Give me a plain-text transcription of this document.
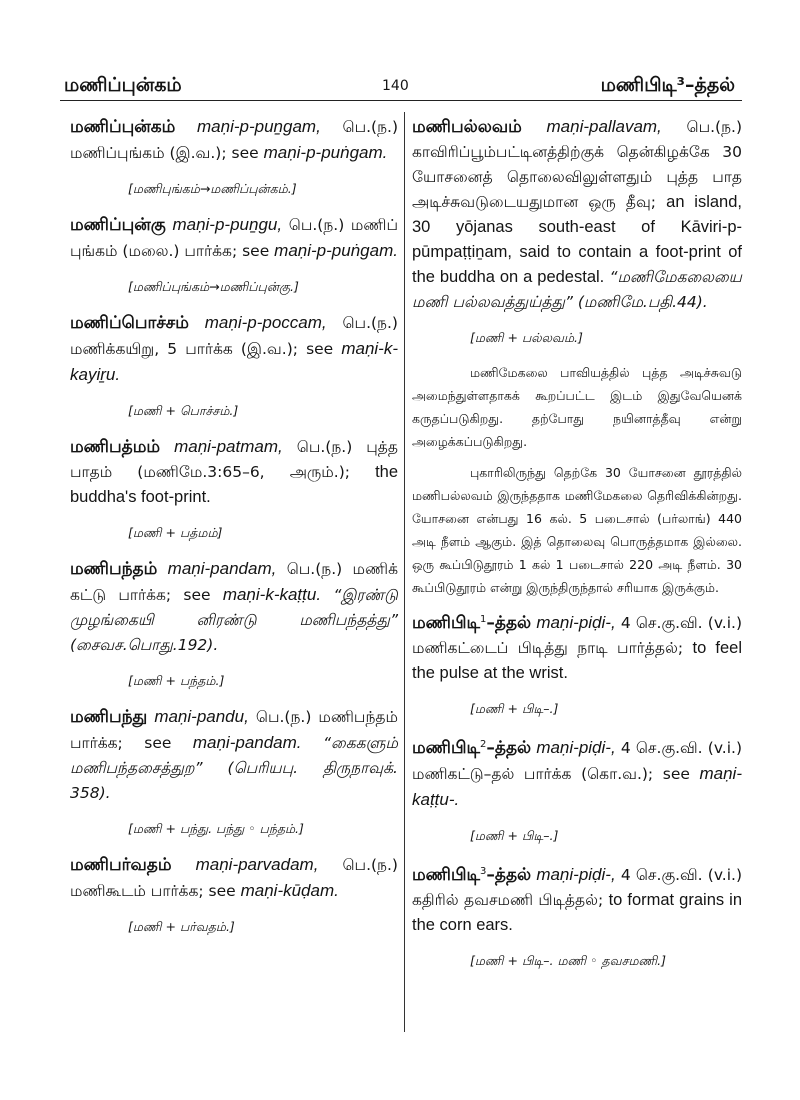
மணிப்புன்கம்	140	மணிபிடி³–த்தல்

மணிப்புன்கம் maṇi-p-puṉgam, பெ.(ந.) மணிப்புங்கம் (இ.வ.); see maṇi-p-puṅgam.

[மணிபுங்கம்→மணிப்புன்கம்.]

மணிப்புன்கு maṇi-p-puṉgu, பெ.(ந.) மணிப் புங்கம் (மலை.) பார்க்க; see maṇi-p-puṅgam.

[மணிப்புங்கம்→மணிப்புன்கு.]

மணிப்பொச்சம் maṇi-p-poccam, பெ.(ந.) மணிக்கயிறு, 5 பார்க்க (இ.வ.); see maṇi-k-kayiṟu.

[மணி + பொச்சம்.]

மணிபத்மம் maṇi-patmam, பெ.(ந.) புத்த பாதம் (மணிமே.3:65–6, அரும்.); the buddha's foot-print.

[மணி + பத்மம்]

மணிபந்தம் maṇi-pandam, பெ.(ந.) மணிக் கட்டு பார்க்க; see maṇi-k-kaṭṭu. “இரண்டு முழங்கையி னிரண்டு மணிபந்தத்து” (சைவச.பொது.192).

[மணி + பந்தம்.]

மணிபந்து maṇi-pandu, பெ.(ந.) மணிபந்தம் பார்க்க; see maṇi-pandam. “கைகளும் மணிபந்தசைத்துற” (பெரியபு. திருநாவுக். 358).

[மணி + பந்து. பந்து ◦ பந்தம்.]

மணிபர்வதம் maṇi-parvadam, பெ.(ந.) மணிகூடம் பார்க்க; see maṇi-kūḍam.

[மணி + பர்வதம்.]

மணிபல்லவம் maṇi-pallavam, பெ.(ந.) காவிரிப்பூம்பட்டினத்திற்குக் தென்கிழக்கே 30 யோசனைத் தொலைவிலுள்ளதும் புத்த பாத அடிச்சுவடுடையதுமான ஒரு தீவு; an island, 30 yōjanas south-east of Kāviri-p-pūmpaṭṭiṉam, said to contain a foot-print of the buddha on a pedestal. “மணிமேகலையை மணி பல்லவத்துய்த்து” (மணிமே.பதி.44).

[மணி + பல்லவம்.]

மணிமேகலை பாவியத்தில் புத்த அடிச்சுவடு அமைந்துள்ளதாகக் கூறப்பட்ட இடம் இதுவேயெனக் கருதப்படுகிறது. தற்போது நயினாத்தீவு என்று அழைக்கப்படுகிறது.

புகாரிலிருந்து தெற்கே 30 யோசனை தூரத்தில் மணிபல்லவம் இருந்ததாக மணிமேகலை தெரிவிக்கின்றது. யோசனை என்பது 16 கல். 5 படைசால் (பர்லாங்) 440 அடி நீளம் ஆகும். இத் தொலைவு பொருத்தமாக இல்லை. ஒரு கூப்பிடுதூரம் 1 கல் 1 படைசால் 220 அடி நீளம். 30 கூப்பிடுதூரம் என்று இருந்திருந்தால் சரியாக இருக்கும்.

மணிபிடி$^1$–த்தல் maṇi-piḍi-, 4 செ.கு.வி. (v.i.) மணிகட்டைப் பிடித்து நாடி பார்த்தல்; to feel the pulse at the wrist.

[மணி + பிடி–.]

மணிபிடி$^2$–த்தல் maṇi-piḍi-, 4 செ.கு.வி. (v.i.) மணிகட்டு–தல் பார்க்க (கொ.வ.); see maṇi-kaṭṭu-.

[மணி + பிடி–.]

மணிபிடி$^3$–த்தல் maṇi-piḍi-, 4 செ.கு.வி. (v.i.) கதிரில் தவசமணி பிடித்தல்; to format grains in the corn ears.

[மணி + பிடி–. மணி ◦ தவசமணி.]
